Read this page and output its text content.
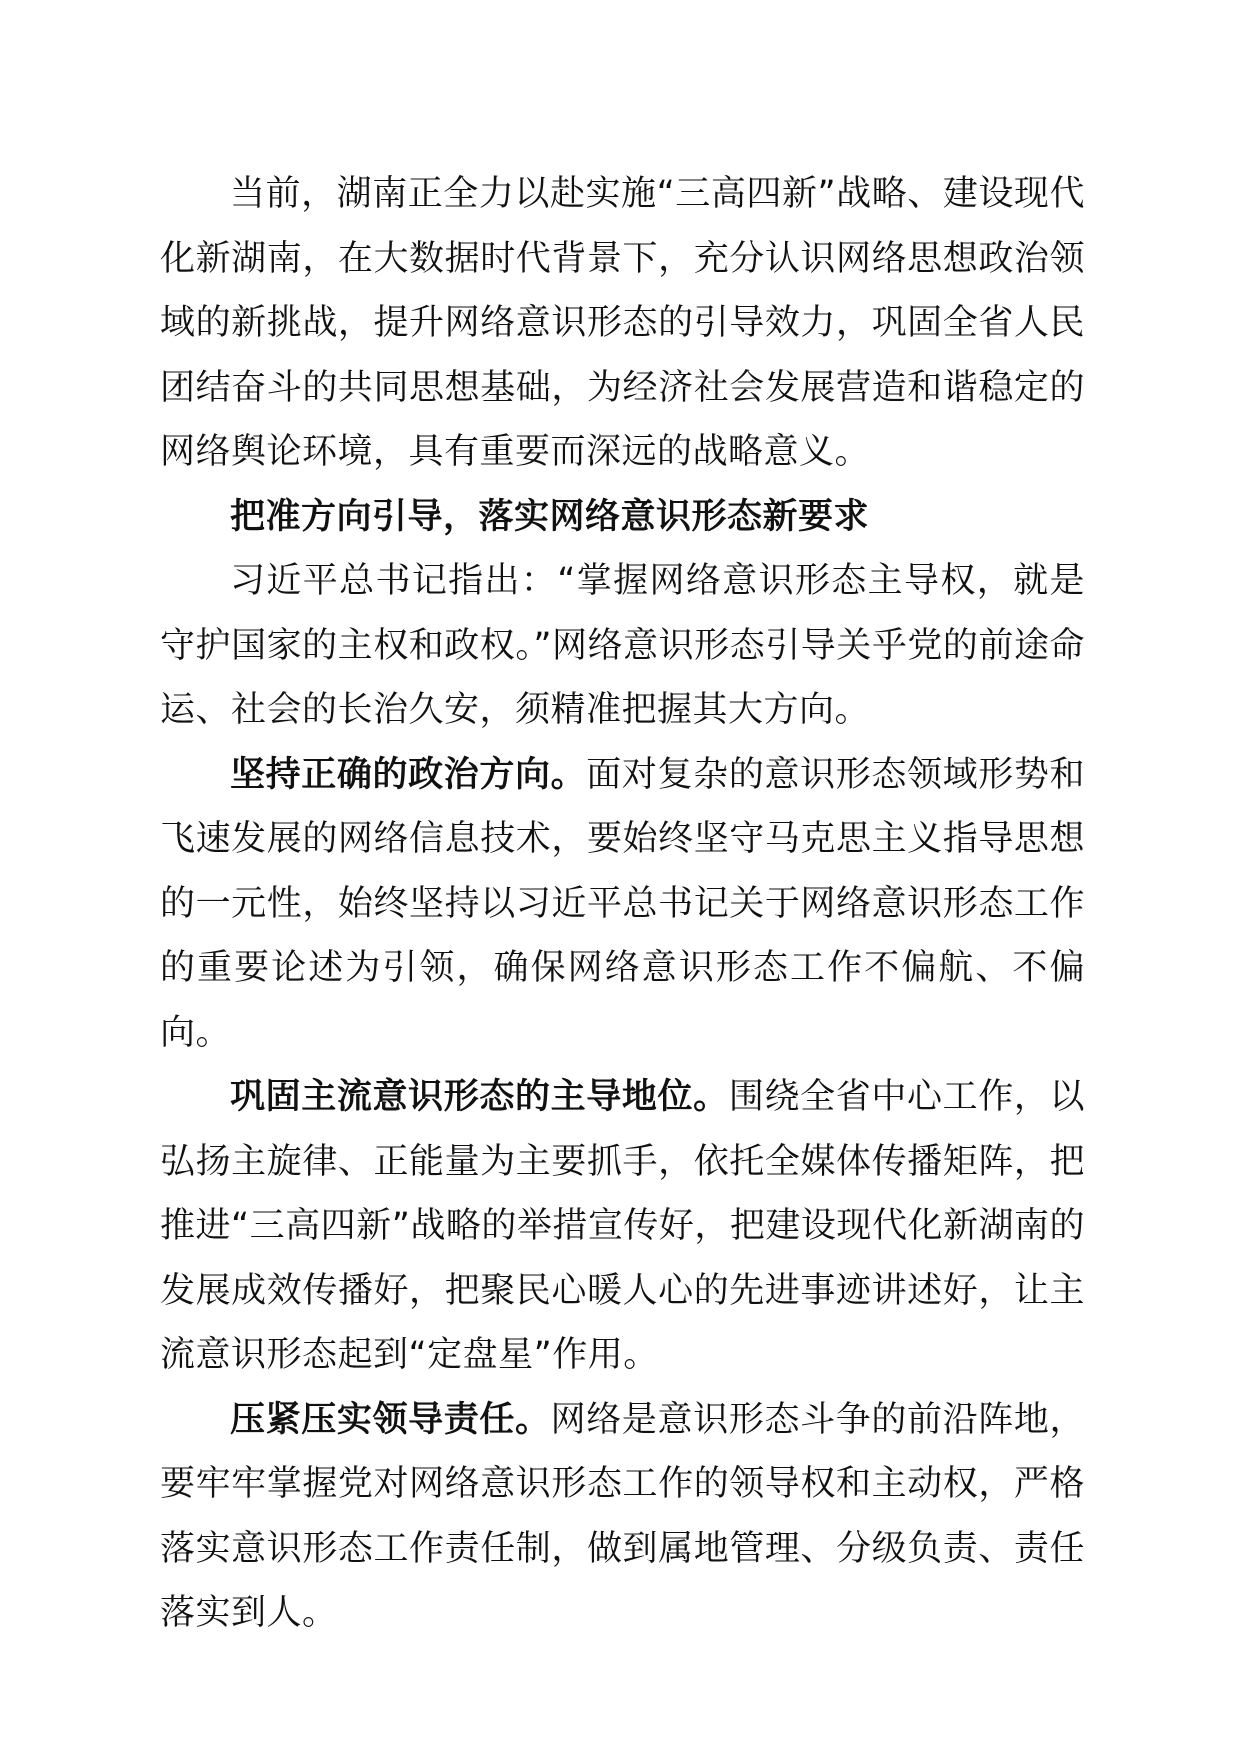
当前，湖南正全力以赴实施“三高四新”战略、建设现代化新湖南，在大数据时代背景下，充分认识网络思想政治领域的新挑战，提升网络意识形态的引导效力，巩固全省人民团结奋斗的共同思想基础，为经济社会发展营造和谐稳定的网络舆论环境，具有重要而深远的战略意义。

把准方向引导，落实网络意识形态新要求

习近平总书记指出：“掌握网络意识形态主导权，就是守护国家的主权和政权。”网络意识形态引导关乎党的前途命运、社会的长治久安，须精准把握其大方向。

坚持正确的政治方向。面对复杂的意识形态领域形势和飞速发展的网络信息技术，要始终坚守马克思主义指导思想的一元性，始终坚持以习近平总书记关于网络意识形态工作的重要论述为引领，确保网络意识形态工作不偏航、不偏向。

巩固主流意识形态的主导地位。围绕全省中心工作，以弘扬主旋律、正能量为主要抓手，依托全媒体传播矩阵，把推进“三高四新”战略的举措宣传好，把建设现代化新湖南的发展成效传播好，把聚民心暖人心的先进事迹讲述好，让主流意识形态起到“定盘星”作用。

压紧压实领导责任。网络是意识形态斗争的前沿阵地，要牢牢掌握党对网络意识形态工作的领导权和主动权，严格落实意识形态工作责任制，做到属地管理、分级负责、责任落实到人。
